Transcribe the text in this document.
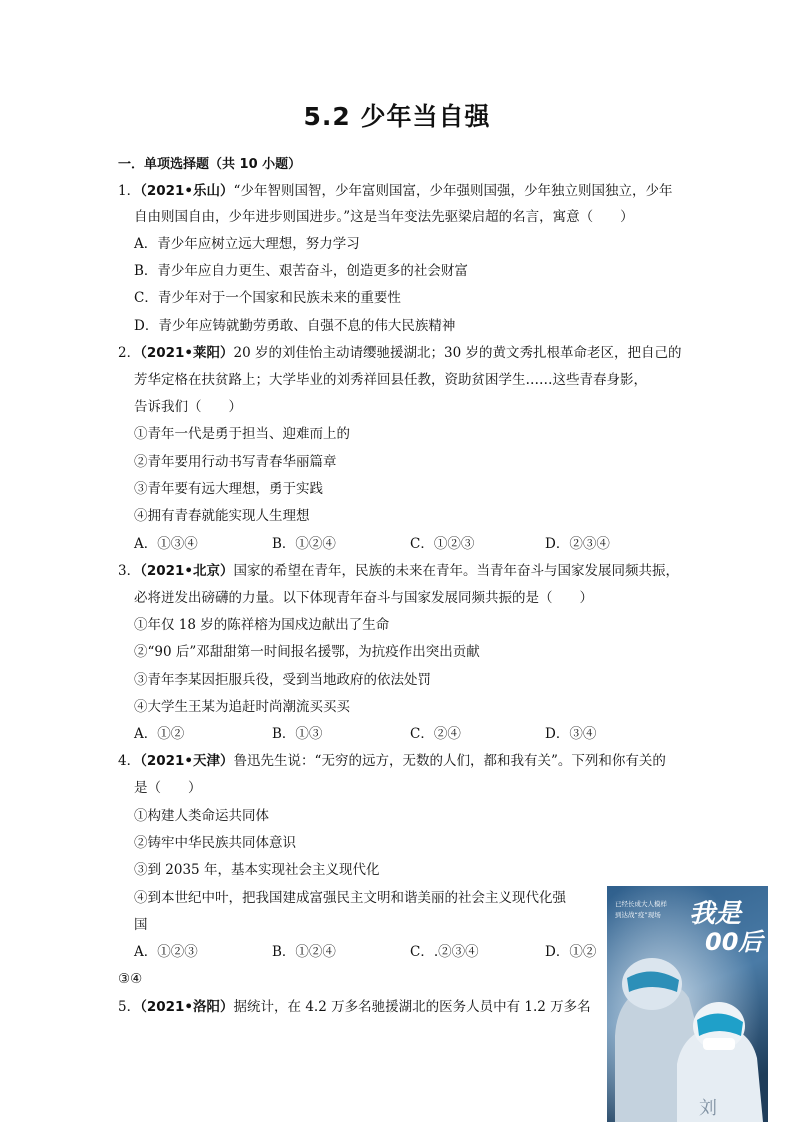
5.2 少年当自强
一．单项选择题（共 10 小题）
1．（2021•乐山）“少年智则国智，少年富则国富，少年强则国强，少年独立则国独立，少年
自由则国自由，少年进步则国进步。”这是当年变法先驱梁启超的名言，寓意（　　）
A．青少年应树立远大理想，努力学习
B．青少年应自力更生、艰苦奋斗，创造更多的社会财富
C．青少年对于一个国家和民族未来的重要性
D．青少年应铸就勤劳勇敢、自强不息的伟大民族精神
2．（2021•莱阳）20 岁的刘佳怡主动请缨驰援湖北；30 岁的黄文秀扎根革命老区，把自己的
芳华定格在扶贫路上；大学毕业的刘秀祥回县任教，资助贫困学生……这些青春身影，
告诉我们（　　）
①青年一代是勇于担当、迎难而上的
②青年要用行动书写青春华丽篇章
③青年要有远大理想，勇于实践
④拥有青春就能实现人生理想
A．①③④	B．①②④	C．①②③	D．②③④
3．（2021•北京）国家的希望在青年，民族的未来在青年。当青年奋斗与国家发展同频共振，
必将迸发出磅礴的力量。以下体现青年奋斗与国家发展同频共振的是（　　）
①年仅 18 岁的陈祥榕为国戍边献出了生命
②“90 后”邓甜甜第一时间报名援鄂，为抗疫作出突出贡献
③青年李某因拒服兵役，受到当地政府的依法处罚
④大学生王某为追赶时尚潮流买买买
A．①②	B．①③	C．②④	D．③④
4．（2021•天津）鲁迅先生说：“无穷的远方，无数的人们，都和我有关”。下列和你有关的
是（　　）
①构建人类命运共同体
②铸牢中华民族共同体意识
③到 2035 年，基本实现社会主义现代化
④到本世纪中叶，把我国建成富强民主文明和谐美丽的社会主义现代化强
国
A．①②③	B．①②④	C．.②③④	D．①②
③④
5．（2021•洛阳）据统计，在 4.2 万多名驰援湖北的医务人员中有 1.2 万多名
刘
已经长成大人模样
到达战“疫”现场 我是
00后
